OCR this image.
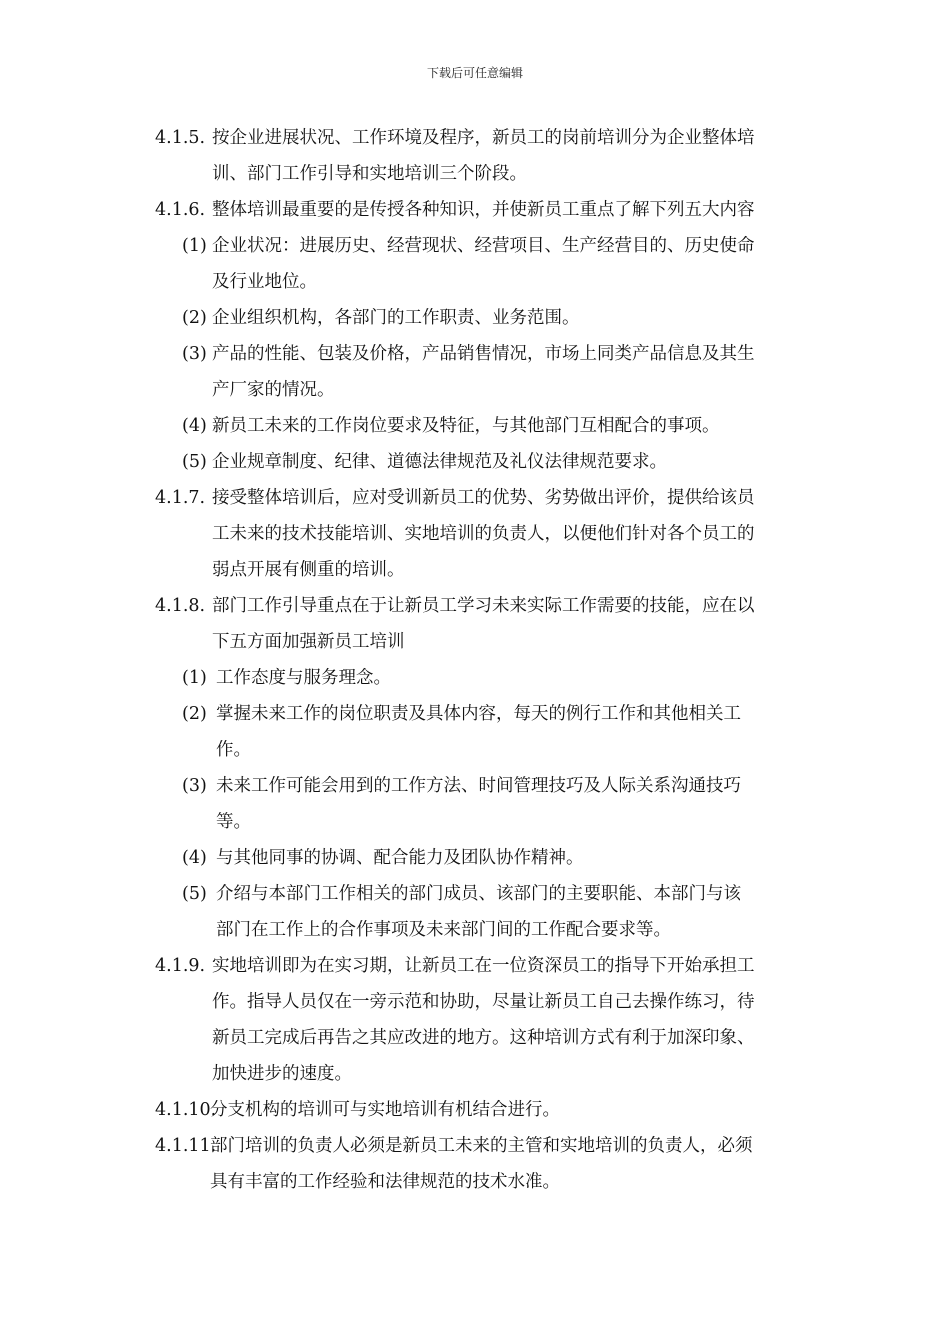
下载后可任意编辑
4.1.5. 按企业进展状况、工作环境及程序，新员工的岗前培训分为企业整体培
训、部门工作引导和实地培训三个阶段。
4.1.6. 整体培训最重要的是传授各种知识，并使新员工重点了解下列五大内容
(1) 企业状况：进展历史、经营现状、经营项目、生产经营目的、历史使命
及行业地位。
(2) 企业组织机构，各部门的工作职责、业务范围。
(3) 产品的性能、包装及价格，产品销售情况，市场上同类产品信息及其生
产厂家的情况。
(4) 新员工未来的工作岗位要求及特征，与其他部门互相配合的事项。
(5) 企业规章制度、纪律、道德法律规范及礼仪法律规范要求。
4.1.7. 接受整体培训后，应对受训新员工的优势、劣势做出评价，提供给该员
工未来的技术技能培训、实地培训的负责人，以便他们针对各个员工的
弱点开展有侧重的培训。
4.1.8. 部门工作引导重点在于让新员工学习未来实际工作需要的技能，应在以
下五方面加强新员工培训
(1) 工作态度与服务理念。
(2) 掌握未来工作的岗位职责及具体内容，每天的例行工作和其他相关工
作。
(3) 未来工作可能会用到的工作方法、时间管理技巧及人际关系沟通技巧
等。
(4) 与其他同事的协调、配合能力及团队协作精神。
(5) 介绍与本部门工作相关的部门成员、该部门的主要职能、本部门与该
部门在工作上的合作事项及未来部门间的工作配合要求等。
4.1.9. 实地培训即为在实习期，让新员工在一位资深员工的指导下开始承担工
作。指导人员仅在一旁示范和协助，尽量让新员工自己去操作练习，待
新员工完成后再告之其应改进的地方。这种培训方式有利于加深印象、
加快进步的速度。
4.1.10.
分支机构的培训可与实地培训有机结合进行。
4.1.11.
部门培训的负责人必须是新员工未来的主管和实地培训的负责人，必须
具有丰富的工作经验和法律规范的技术水准。
